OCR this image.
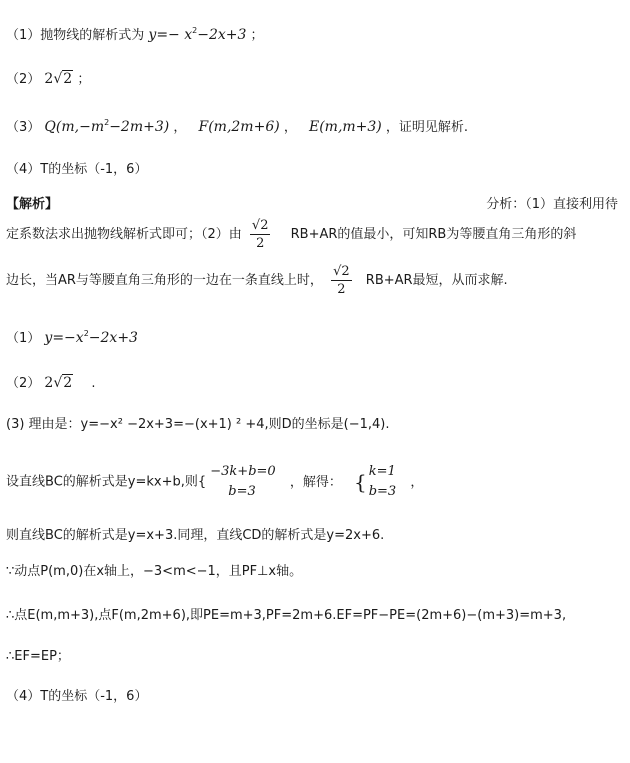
（1）抛物线的解析式为 $y=- x^2-2x+3$ ；
（2） 2√2 ；
（3） $Q(m,-m^2-2m+3)$ ， F(m,2m+6) ， E(m,m+3) ，证明见解析.
（4）T的坐标（-1，6）
【解析】	分析：（1）直接利用待
定系数法求出抛物线解析式即可；（2）由 $\frac{√2}{2} RB+AR$的值最小，可知RB为等腰直角三角形的斜
边长，当AR与等腰直角三角形的一边在一条直线上时， $\frac{√2}{2} RB+AR$最短，从而求解.
（1） $y=-x^2-2x+3$
（2） 2√2 .
(3) 理由是：y=−x² −2x+3=−(x+1) ² +4,则D的坐标是(−1,4).
设直线BC的解析式是y=kx+b,则{
−3k+b=0
b=3
，解得： { k=1
b=3
，
则直线BC的解析式是y=x+3.同理，直线CD的解析式是y=2x+6.
∵动点P(m,0)在x轴上，−3<m<−1，且PF⊥x轴。
∴点E(m,m+3),点F(m,2m+6),即PE=m+3,PF=2m+6.EF=PF−PE=(2m+6)−(m+3)=m+3,
∴EF=EP；
（4）T的坐标（-1，6）
